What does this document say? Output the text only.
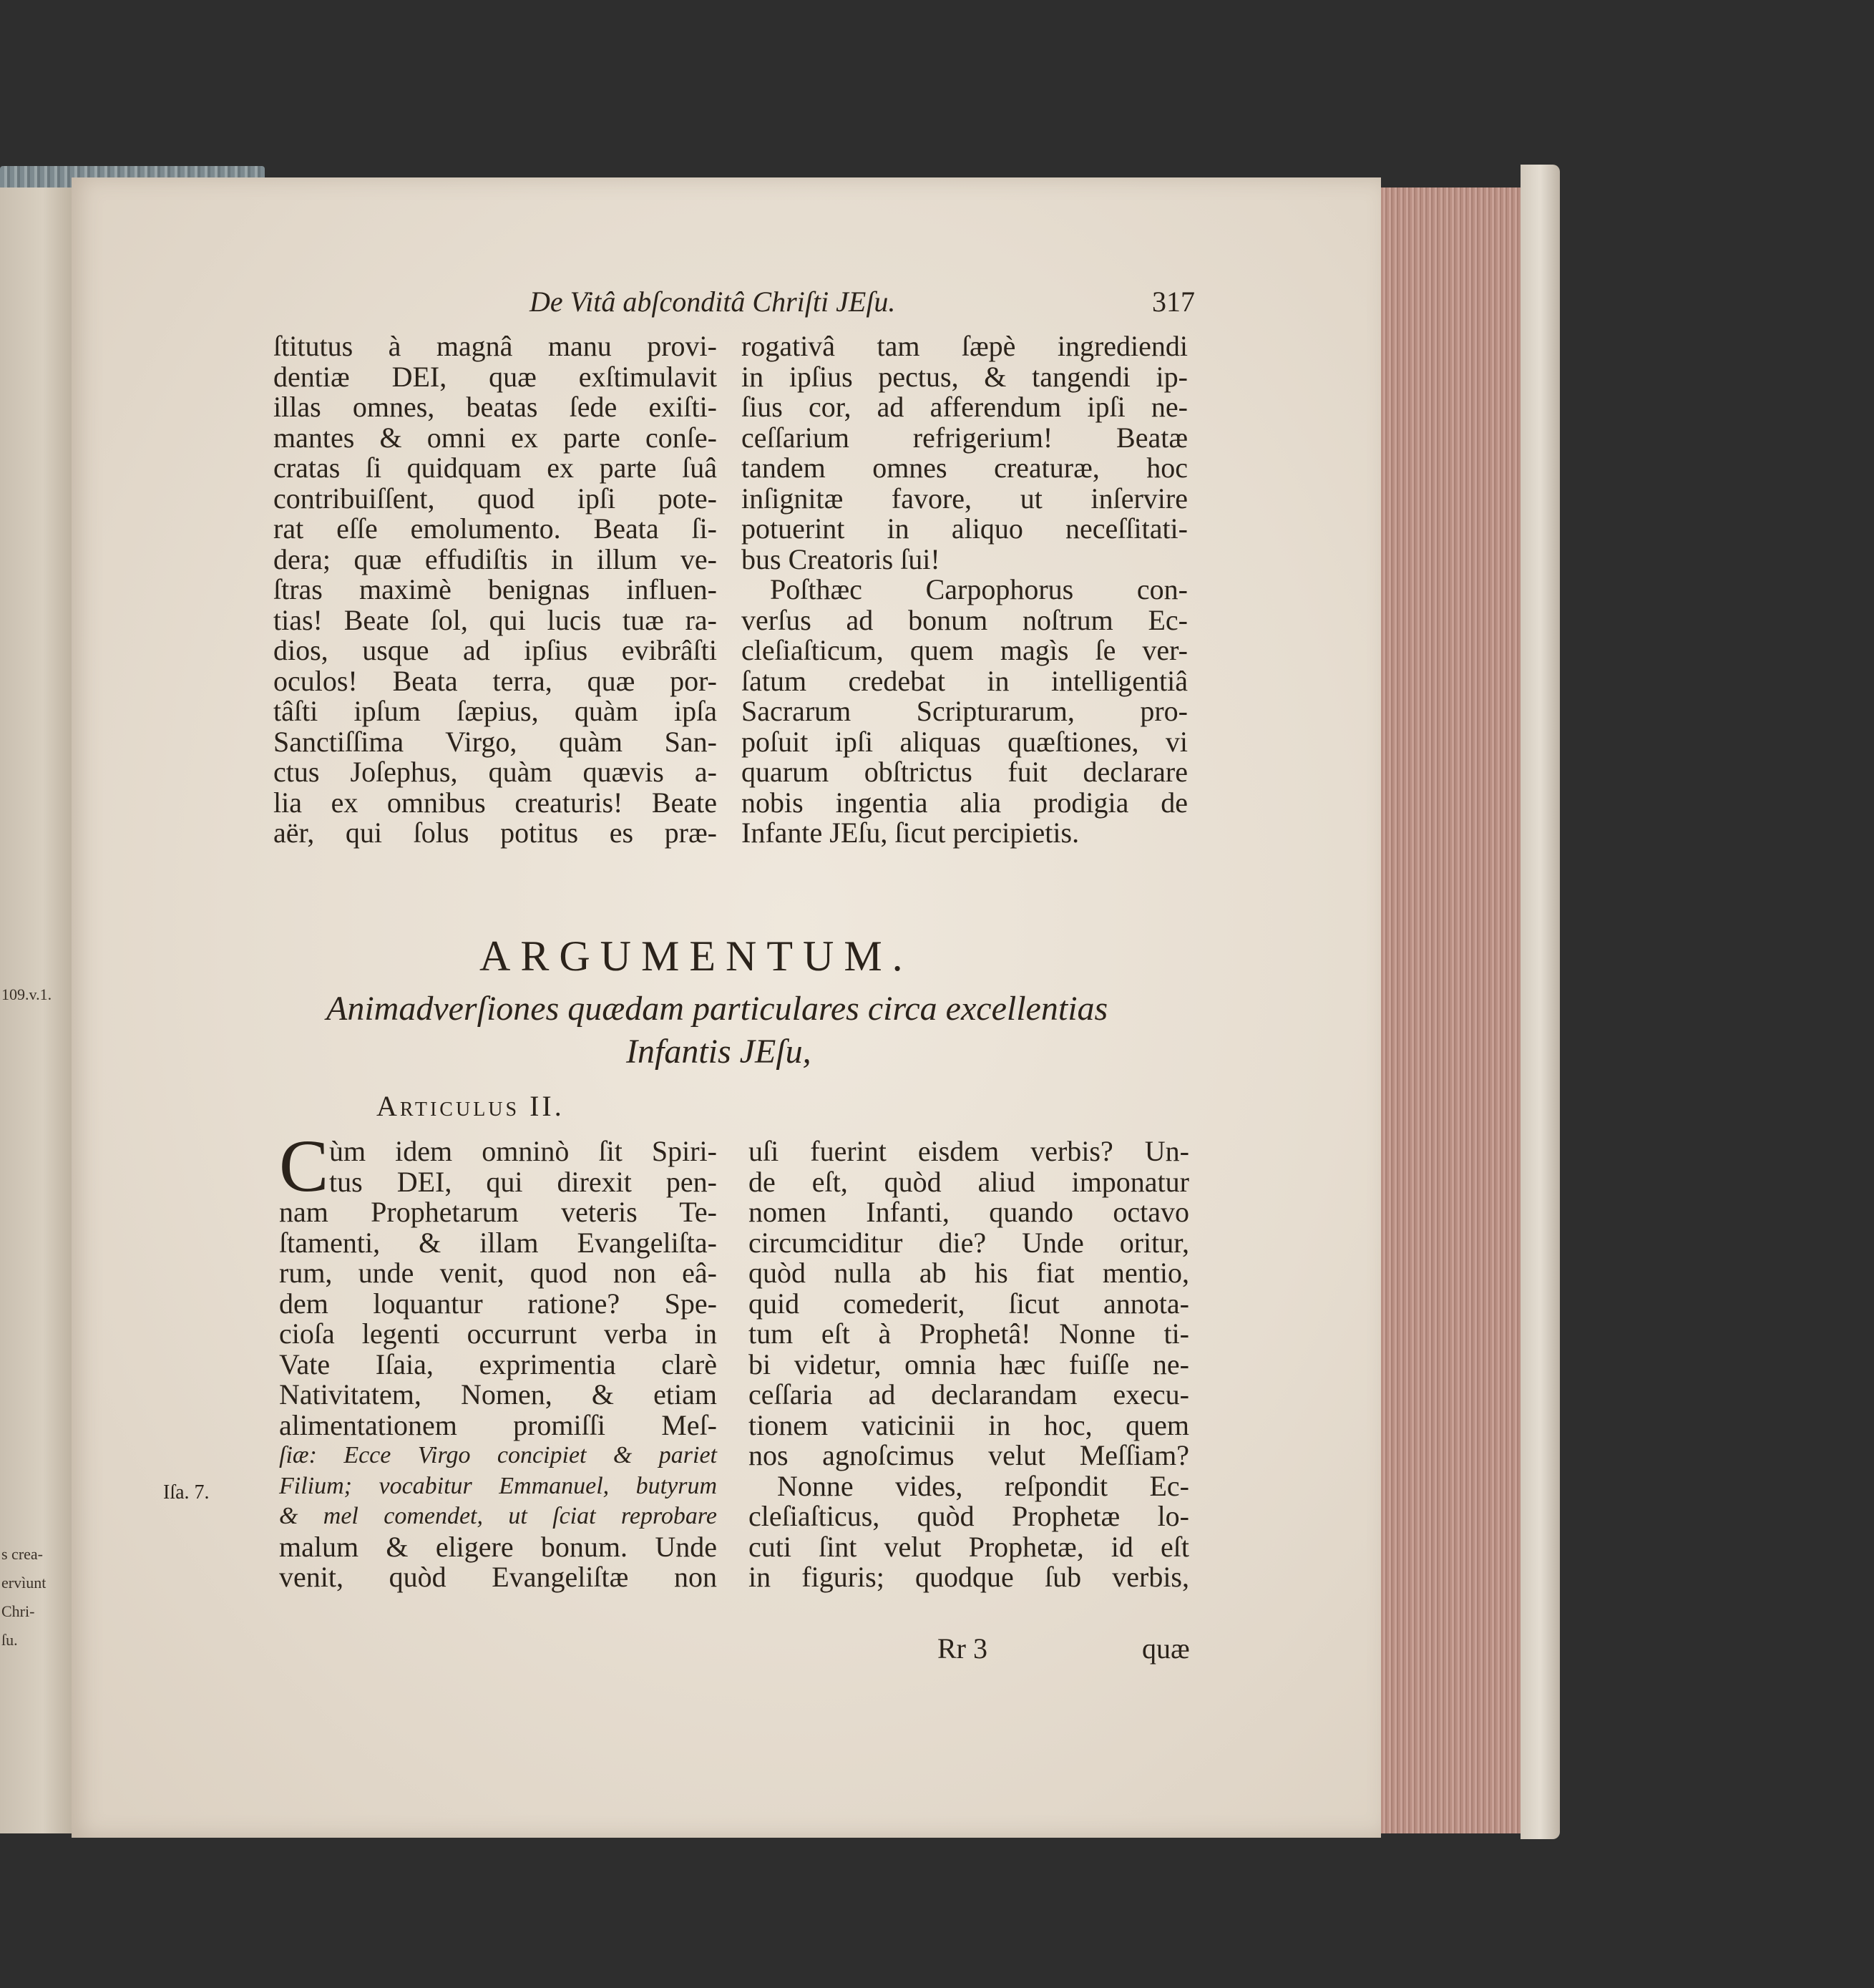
109.v.1.
s crea-
ervìunt
Chri-
ſu.
De Vitâ abſconditâ Chriſti JEſu.	317
ſtitutus à magnâ manu provi-
dentiæ DEI, quæ exſtimulavit
illas omnes, beatas ſede exiſti-
mantes & omni ex parte conſe-
cratas ſi quidquam ex parte ſuâ
contribuiſſent, quod ipſi pote-
rat eſſe emolumento. Beata ſi-
dera; quæ effudiſtis in illum ve-
ſtras maximè benignas influen-
tias! Beate ſol, qui lucis tuæ ra-
dios, usque ad ipſius evibrâſti
oculos! Beata terra, quæ por-
tâſti ipſum ſæpius, quàm ipſa
Sanctiſſima Virgo, quàm San-
ctus Joſephus, quàm quævis a-
lia ex omnibus creaturis! Beate
aër, qui ſolus potitus es præ-
rogativâ tam ſæpè ingrediendi
in ipſius pectus, & tangendi ip-
ſius cor, ad afferendum ipſi ne-
ceſſarium refrigerium! Beatæ
tandem omnes creaturæ, hoc
inſignitæ favore, ut inſervire
potuerint in aliquo neceſſitati-
bus Creatoris ſui!
Poſthæc Carpophorus con-
verſus ad bonum noſtrum Ec-
cleſiaſticum, quem magìs ſe ver-
ſatum credebat in intelligentiâ
Sacrarum Scripturarum, pro-
poſuit ipſi aliquas quæſtiones, vi
quarum obſtrictus fuit declarare
nobis ingentia alia prodigia de
Infante JEſu, ſicut percipietis.
ARGUMENTUM.
Animadverſiones quædam particulares circa excellentias
Infantis JEſu,
Articulus II.
C ùm idem omninò ſit Spiri-
tus DEI, qui direxit pen-
nam Prophetarum veteris Te-
ſtamenti, & illam Evangeliſta-
rum, unde venit, quod non eâ-
dem loquantur ratione? Spe-
cioſa legenti occurrunt verba in
Vate Iſaia, exprimentia clarè
Nativitatem, Nomen, & etiam
alimentationem promiſſi Meſ-
ſiæ: Ecce Virgo concipiet & pariet
Filium; vocabitur Emmanuel, butyrum
& mel comendet, ut ſciat reprobare
malum & eligere bonum. Unde
venit, quòd Evangeliſtæ non
uſi fuerint eisdem verbis? Un-
de eſt, quòd aliud imponatur
nomen Infanti, quando octavo
circumciditur die? Unde oritur,
quòd nulla ab his fiat mentio,
quid comederit, ſicut annota-
tum eſt à Prophetâ! Nonne ti-
bi videtur, omnia hæc fuiſſe ne-
ceſſaria ad declarandam execu-
tionem vaticinii in hoc, quem
nos agnoſcimus velut Meſſiam?
Nonne vides, reſpondit Ec-
cleſiaſticus, quòd Prophetæ lo-
cuti ſint velut Prophetæ, id eſt
in figuris; quodque ſub verbis,
Iſa. 7.
Rr 3	quæ
